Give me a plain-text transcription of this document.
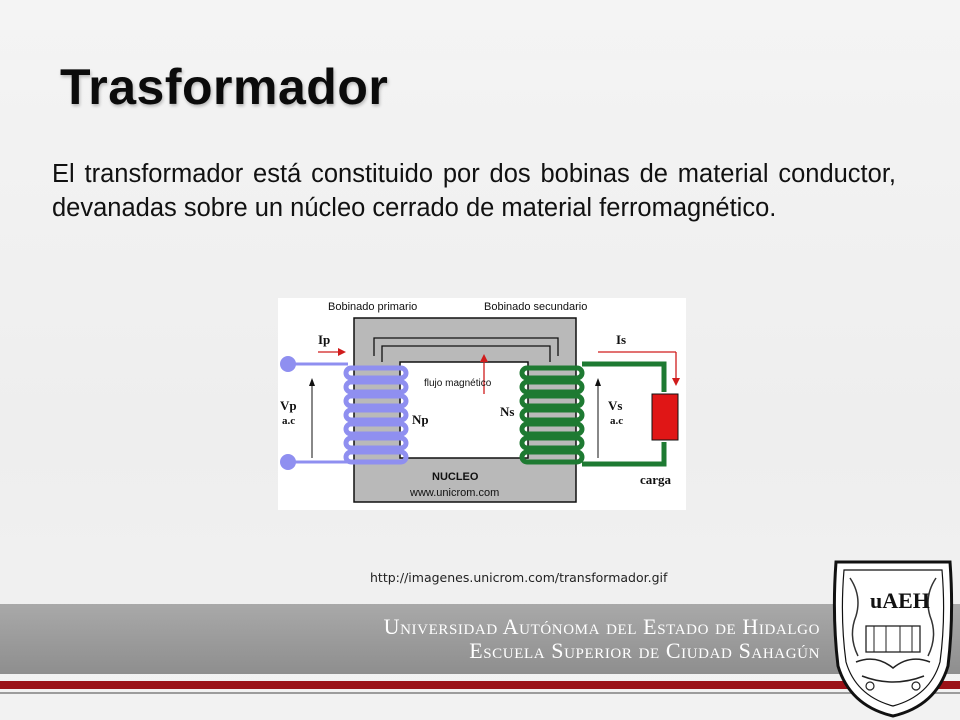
Trasformador
El transformador está constituido por dos bobinas de material conductor, devanadas sobre un núcleo cerrado de material ferromagnético.
Bobinado primario	Bobinado secundario
Ip	Is
Vp
a.c
Vs
a.c
Np
Ns
flujo magnético
NUCLEO
www.unicrom.com
carga
http://imagenes.unicrom.com/transformador.gif
Universidad Autónoma del Estado de Hidalgo
Escuela Superior de Ciudad Sahagún
uAEH
